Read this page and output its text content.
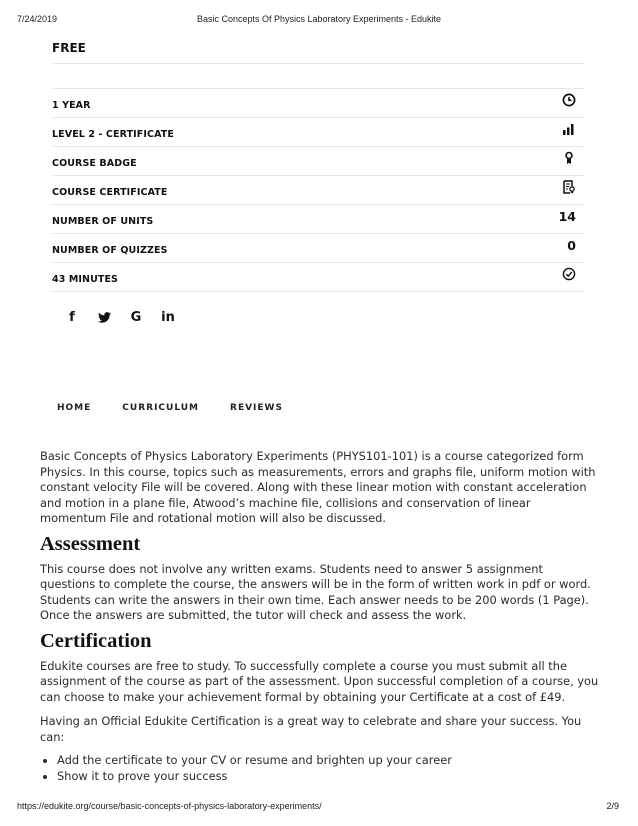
7/24/2019	Basic Concepts Of Physics Laboratory Experiments - Edukite
FREE
1 YEAR
LEVEL 2 - CERTIFICATE
COURSE BADGE
COURSE CERTIFICATE
NUMBER OF UNITS	14
NUMBER OF QUIZZES	0
43 MINUTES
f	G	in
HOME	CURRICULUM	REVIEWS

Basic Concepts of Physics Laboratory Experiments (PHYS101-101) is a course categorized form Physics. In this course, topics such as measurements, errors and graphs file, uniform motion with constant velocity File will be covered. Along with these linear motion with constant acceleration and motion in a plane file, Atwood’s machine file, collisions and conservation of linear momentum File and rotational motion will also be discussed.

Assessment

This course does not involve any written exams. Students need to answer 5 assignment questions to complete the course, the answers will be in the form of written work in pdf or word. Students can write the answers in their own time. Each answer needs to be 200 words (1 Page). Once the answers are submitted, the tutor will check and assess the work.

Certification

Edukite courses are free to study. To successfully complete a course you must submit all the assignment of the course as part of the assessment. Upon successful completion of a course, you can choose to make your achievement formal by obtaining your Certificate at a cost of £49.

Having an Official Edukite Certification is a great way to celebrate and share your success. You can:

• Add the certificate to your CV or resume and brighten up your career
• Show it to prove your success
https://edukite.org/course/basic-concepts-of-physics-laboratory-experiments/	2/9
